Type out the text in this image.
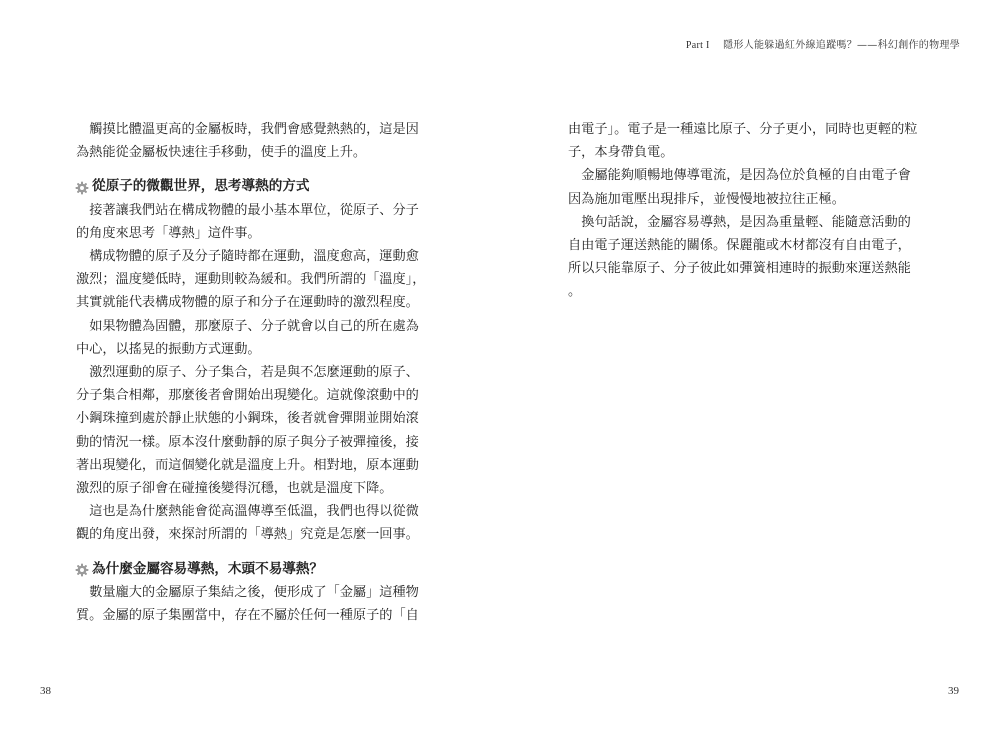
Part I 隱形人能躲過紅外線追蹤嗎？——科幻創作的物理學

觸摸比體溫更高的金屬板時，我們會感覺熱熱的，這是因為熱能從金屬板快速往手移動，使手的溫度上升。

從原子的微觀世界，思考導熱的方式

接著讓我們站在構成物體的最小基本單位，從原子、分子的角度來思考「導熱」這件事。

構成物體的原子及分子隨時都在運動，溫度愈高，運動愈激烈；溫度變低時，運動則較為緩和。我們所謂的「溫度」，其實就能代表構成物體的原子和分子在運動時的激烈程度。

如果物體為固體，那麼原子、分子就會以自己的所在處為中心，以搖晃的振動方式運動。

激烈運動的原子、分子集合，若是與不怎麼運動的原子、分子集合相鄰，那麼後者會開始出現變化。這就像滾動中的小鋼珠撞到處於靜止狀態的小鋼珠，後者就會彈開並開始滾動的情況一樣。原本沒什麼動靜的原子與分子被彈撞後，接著出現變化，而這個變化就是溫度上升。相對地，原本運動激烈的原子卻會在碰撞後變得沉穩，也就是溫度下降。

這也是為什麼熱能會從高溫傳導至低溫，我們也得以從微觀的角度出發，來探討所謂的「導熱」究竟是怎麼一回事。

為什麼金屬容易導熱，木頭不易導熱？

數量龐大的金屬原子集結之後，便形成了「金屬」這種物質。金屬的原子集團當中，存在不屬於任何一種原子的「自

由電子」。電子是一種遠比原子、分子更小，同時也更輕的粒子，本身帶負電。

金屬能夠順暢地傳導電流，是因為位於負極的自由電子會因為施加電壓出現排斥，並慢慢地被拉往正極。

換句話說，金屬容易導熱，是因為重量輕、能隨意活動的自由電子運送熱能的關係。保麗龍或木材都沒有自由電子，所以只能靠原子、分子彼此如彈簧相連時的振動來運送熱能。

38	39
